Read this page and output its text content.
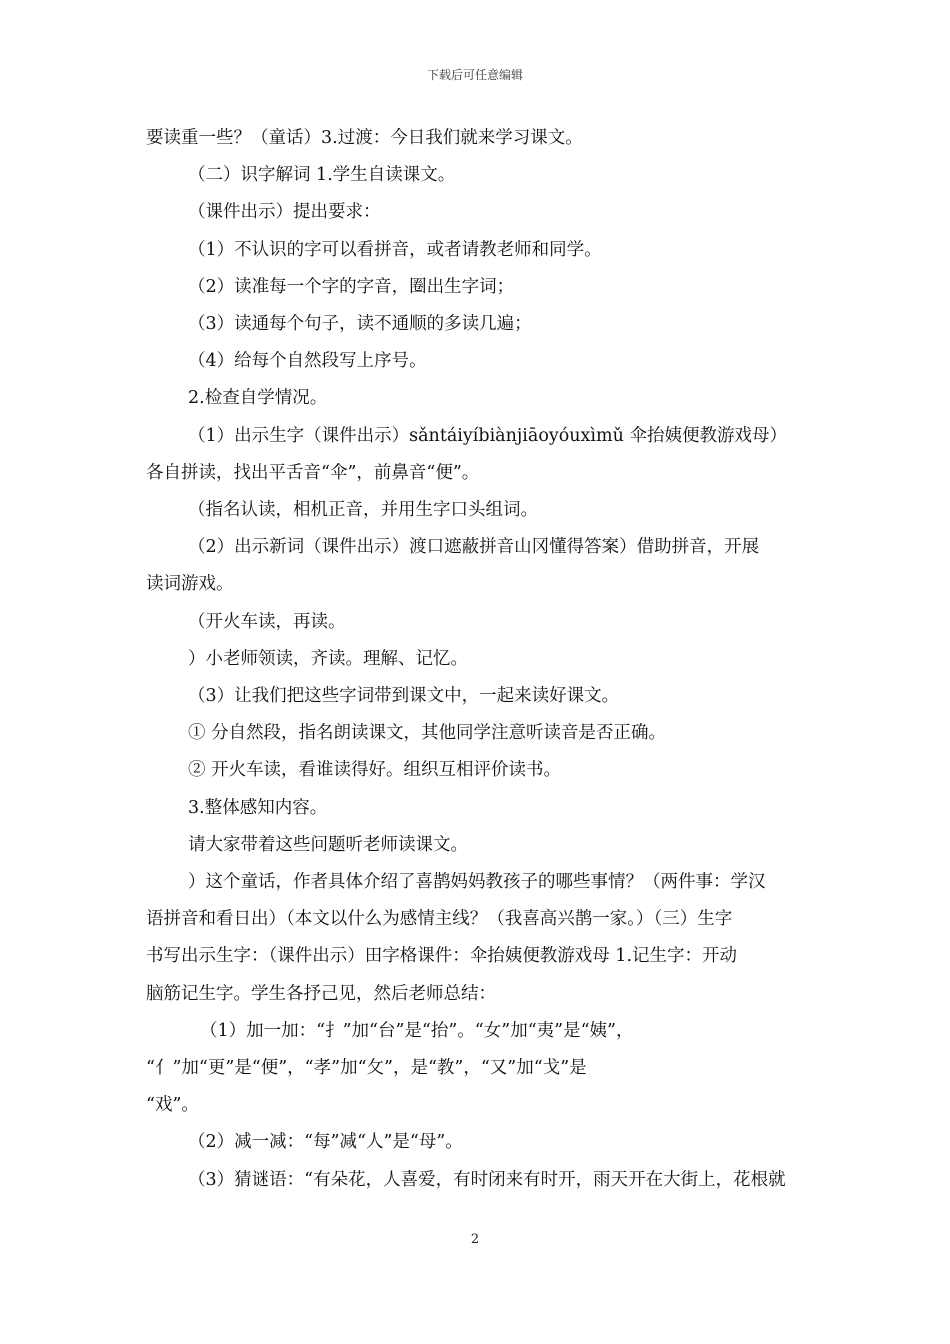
下载后可任意编辑

要读重一些？（童话）3.过渡：今日我们就来学习课文。

（二）识字解词 1.学生自读课文。

（课件出示）提出要求：

（1）不认识的字可以看拼音，或者请教老师和同学。

（2）读准每一个字的字音，圈出生字词；

（3）读通每个句子，读不通顺的多读几遍；

（4）给每个自然段写上序号。

2.检查自学情况。

（1）出示生字（课件出示）sǎntáiyíbiànjiāoyóuxìmǔ 伞抬姨便教游戏母）

各自拼读，找出平舌音“伞”，前鼻音“便”。

（指名认读，相机正音，并用生字口头组词。

（2）出示新词（课件出示）渡口遮蔽拼音山冈懂得答案）借助拼音，开展

读词游戏。

（开火车读，再读。

）小老师领读，齐读。理解、记忆。

（3）让我们把这些字词带到课文中，一起来读好课文。

① 分自然段，指名朗读课文，其他同学注意听读音是否正确。

② 开火车读，看谁读得好。组织互相评价读书。

3.整体感知内容。

请大家带着这些问题听老师读课文。

）这个童话，作者具体介绍了喜鹊妈妈教孩子的哪些事情？（两件事：学汉

语拼音和看日出）（本文以什么为感情主线？（我喜高兴鹊一家。）（三）生字

书写出示生字：（课件出示）田字格课件：伞抬姨便教游戏母 1.记生字：开动

脑筋记生字。学生各抒己见，然后老师总结：

（1）加一加：“扌”加“台”是“抬”。“女”加“夷”是“姨”，

“亻”加“更”是“便”，“孝”加“攵”，是“教”，“又”加“戈”是

“戏”。

（2）减一减：“每”减“人”是“母”。

（3）猜谜语：“有朵花，人喜爱，有时闭来有时开，雨天开在大街上，花根就

2
